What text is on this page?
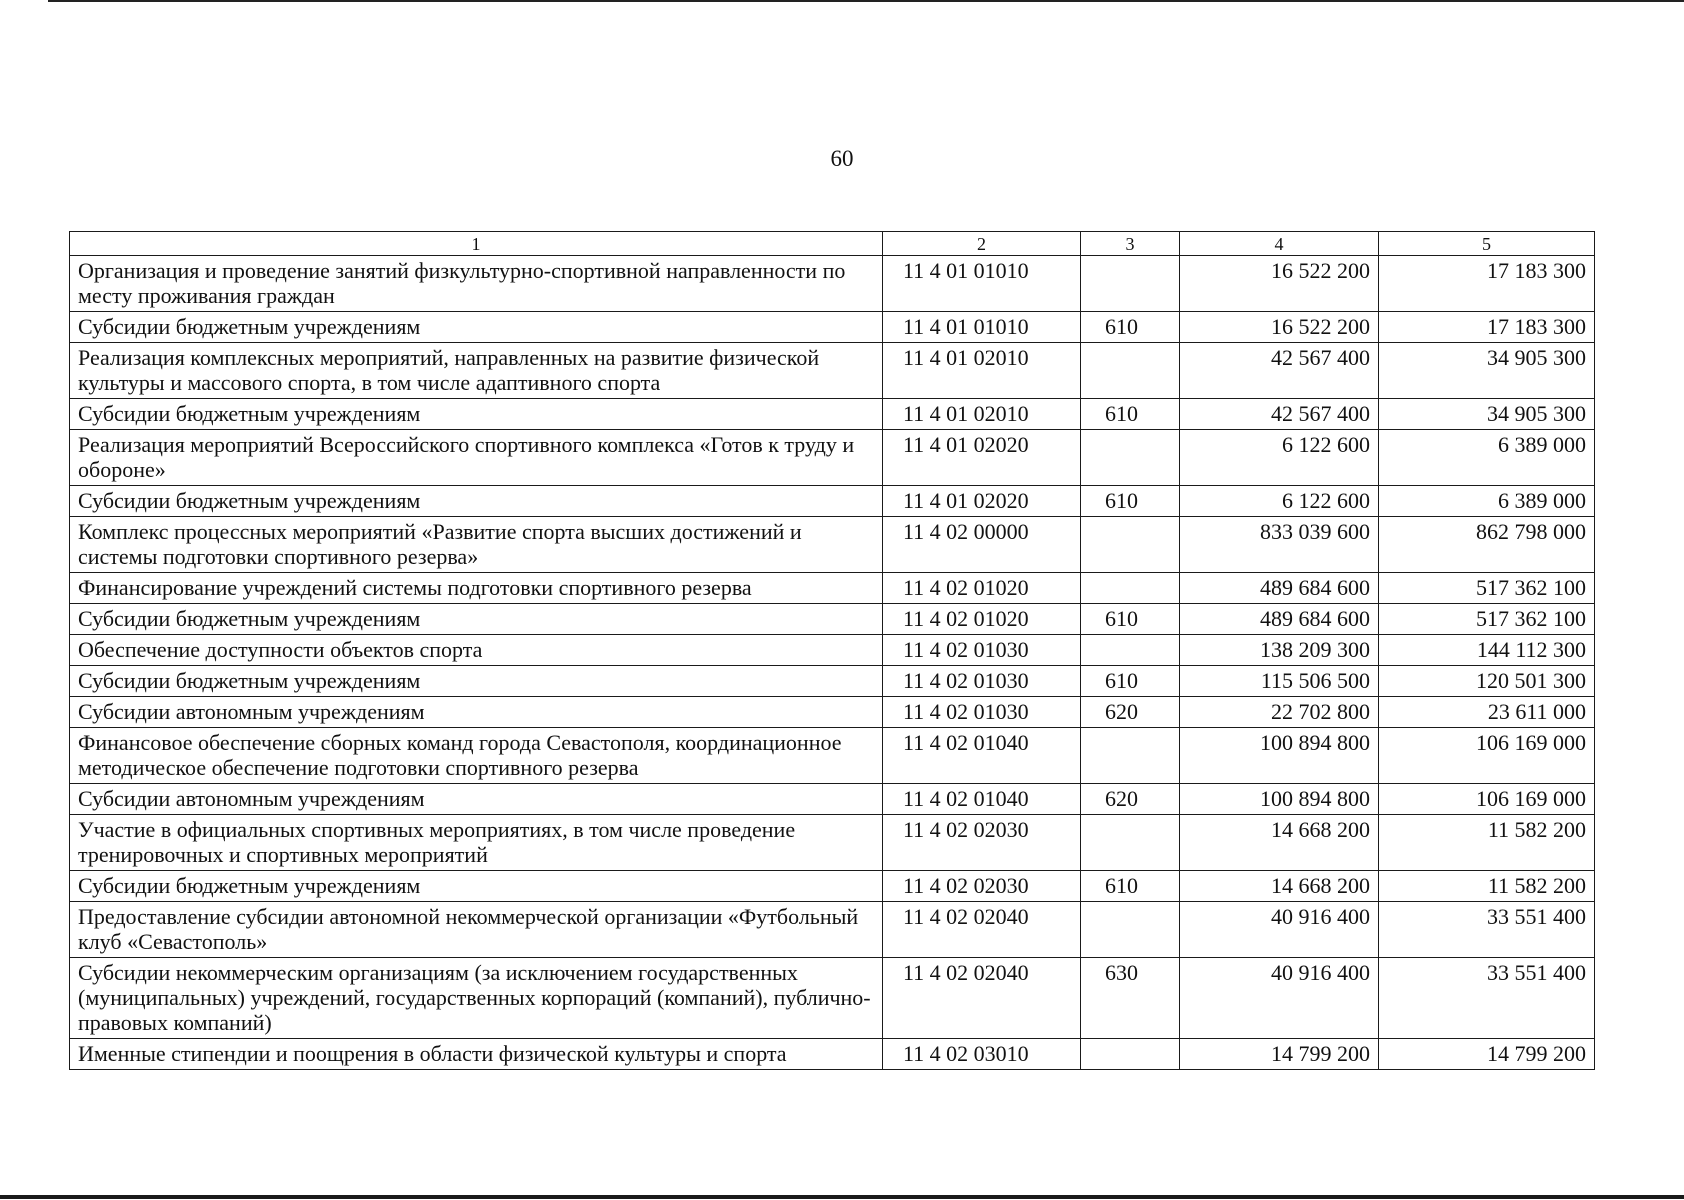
60
1	2	3	4	5
Организация и проведение занятий физкультурно-спортивной направленности по месту проживания граждан	11 4 01 01010		16 522 200	17 183 300
Субсидии бюджетным учреждениям	11 4 01 01010	610	16 522 200	17 183 300
Реализация комплексных мероприятий, направленных на развитие физической культуры и массового спорта, в том числе адаптивного спорта	11 4 01 02010		42 567 400	34 905 300
Субсидии бюджетным учреждениям	11 4 01 02010	610	42 567 400	34 905 300
Реализация мероприятий Всероссийского спортивного комплекса «Готов к труду и обороне»	11 4 01 02020		6 122 600	6 389 000
Субсидии бюджетным учреждениям	11 4 01 02020	610	6 122 600	6 389 000
Комплекс процессных мероприятий «Развитие спорта высших достижений и системы подготовки спортивного резерва»	11 4 02 00000		833 039 600	862 798 000
Финансирование учреждений системы подготовки спортивного резерва	11 4 02 01020		489 684 600	517 362 100
Субсидии бюджетным учреждениям	11 4 02 01020	610	489 684 600	517 362 100
Обеспечение доступности объектов спорта	11 4 02 01030		138 209 300	144 112 300
Субсидии бюджетным учреждениям	11 4 02 01030	610	115 506 500	120 501 300
Субсидии автономным учреждениям	11 4 02 01030	620	22 702 800	23 611 000
Финансовое обеспечение сборных команд города Севастополя, координационное методическое обеспечение подготовки спортивного резерва	11 4 02 01040		100 894 800	106 169 000
Субсидии автономным учреждениям	11 4 02 01040	620	100 894 800	106 169 000
Участие в официальных спортивных мероприятиях, в том числе проведение тренировочных и спортивных мероприятий	11 4 02 02030		14 668 200	11 582 200
Субсидии бюджетным учреждениям	11 4 02 02030	610	14 668 200	11 582 200
Предоставление субсидии автономной некоммерческой организации «Футбольный клуб «Севастополь»	11 4 02 02040		40 916 400	33 551 400
Субсидии некоммерческим организациям (за исключением государственных (муниципальных) учреждений, государственных корпораций (компаний), публично-правовых компаний)	11 4 02 02040	630	40 916 400	33 551 400
Именные стипендии и поощрения в области физической культуры и спорта	11 4 02 03010		14 799 200	14 799 200
